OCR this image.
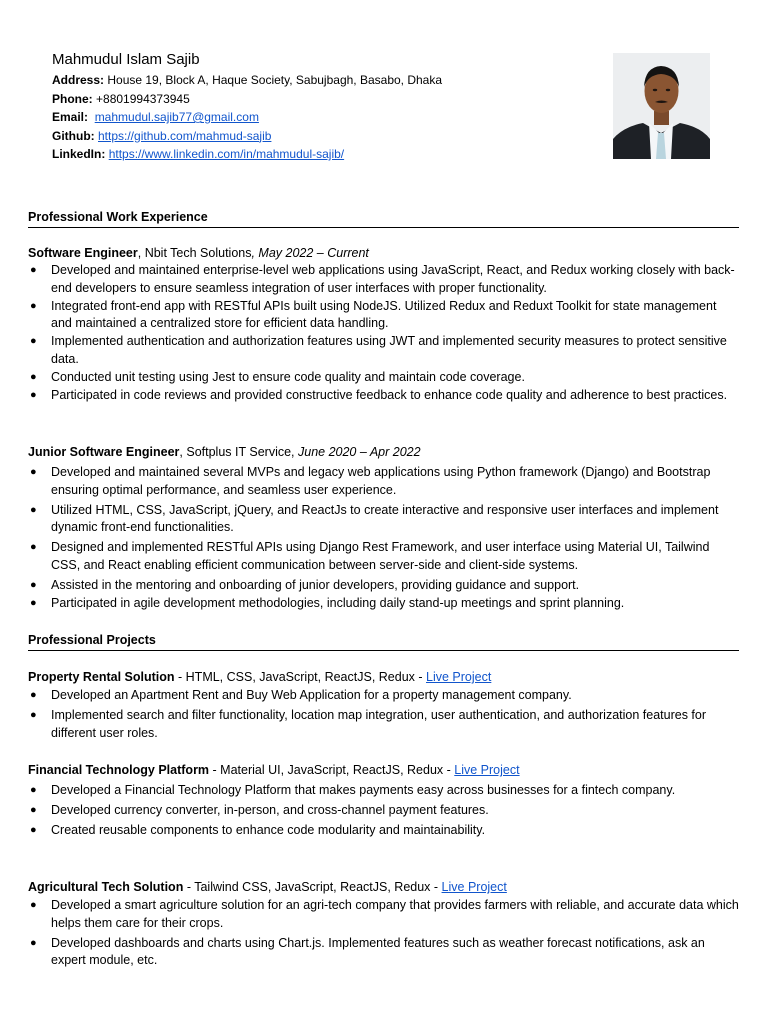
Mahmudul Islam Sajib
Address: House 19, Block A, Haque Society, Sabujbagh, Basabo, Dhaka
Phone: +8801994373945
Email: mahmudul.sajib77@gmail.com
Github: https://github.com/mahmud-sajib
LinkedIn: https://www.linkedin.com/in/mahmudul-sajib/
Professional Work Experience
Software Engineer, Nbit Tech Solutions, May 2022 – Current
● Developed and maintained enterprise-level web applications using JavaScript, React, and Redux working closely with back-end developers to ensure seamless integration of user interfaces with proper functionality.
● Integrated front-end app with RESTful APIs built using NodeJS. Utilized Redux and Reduxt Toolkit for state management and maintained a centralized store for efficient data handling.
● Implemented authentication and authorization features using JWT and implemented security measures to protect sensitive data.
● Conducted unit testing using Jest to ensure code quality and maintain code coverage.
● Participated in code reviews and provided constructive feedback to enhance code quality and adherence to best practices.
Junior Software Engineer, Softplus IT Service, June 2020 – Apr 2022
● Developed and maintained several MVPs and legacy web applications using Python framework (Django) and Bootstrap ensuring optimal performance, and seamless user experience.
● Utilized HTML, CSS, JavaScript, jQuery, and ReactJs to create interactive and responsive user interfaces and implement dynamic front-end functionalities.
● Designed and implemented RESTful APIs using Django Rest Framework, and user interface using Material UI, Tailwind CSS, and React enabling efficient communication between server-side and client-side systems.
● Assisted in the mentoring and onboarding of junior developers, providing guidance and support.
● Participated in agile development methodologies, including daily stand-up meetings and sprint planning.
Professional Projects
Property Rental Solution - HTML, CSS, JavaScript, ReactJS, Redux - Live Project
● Developed an Apartment Rent and Buy Web Application for a property management company.
● Implemented search and filter functionality, location map integration, user authentication, and authorization features for different user roles.
Financial Technology Platform - Material UI, JavaScript, ReactJS, Redux - Live Project
● Developed a Financial Technology Platform that makes payments easy across businesses for a fintech company.
● Developed currency converter, in-person, and cross-channel payment features.
● Created reusable components to enhance code modularity and maintainability.
Agricultural Tech Solution - Tailwind CSS, JavaScript, ReactJS, Redux - Live Project
● Developed a smart agriculture solution for an agri-tech company that provides farmers with reliable, and accurate data which helps them care for their crops.
● Developed dashboards and charts using Chart.js. Implemented features such as weather forecast notifications, ask an expert module, etc.
